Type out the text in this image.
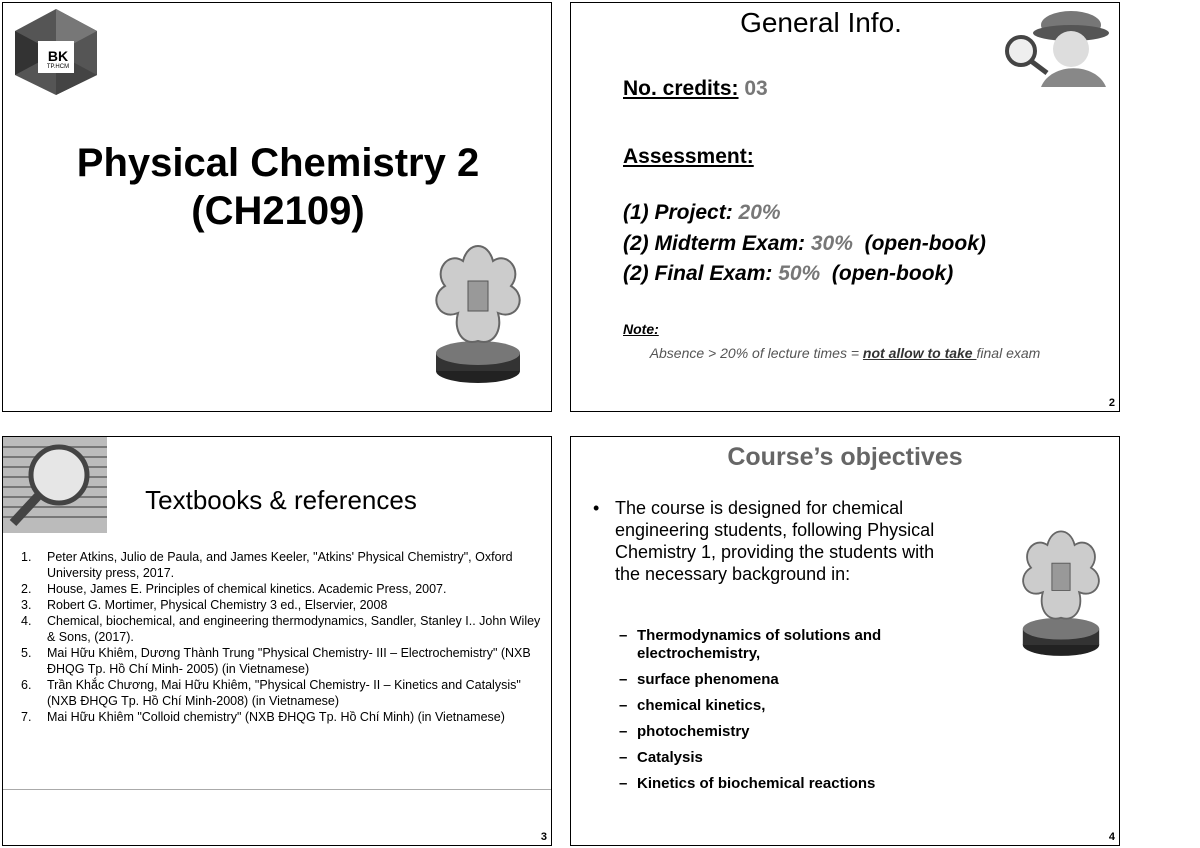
BK
TP.HCM
Physical Chemistry 2
(CH2109)
General Info.
No. credits: 03
Assessment:
(1) Project: 20%
(2) Midterm Exam: 30%  (open-book)
(2) Final Exam: 50%  (open-book)
Note:
Absence > 20% of lecture times = not allow to take final exam
2
Textbooks & references
1. Peter Atkins, Julio de Paula, and James Keeler, "Atkins' Physical Chemistry", Oxford University press, 2017.
2. House, James E. Principles of chemical kinetics. Academic Press, 2007.
3. Robert G. Mortimer, Physical Chemistry 3 ed., Elservier, 2008
4. Chemical, biochemical, and engineering thermodynamics, Sandler, Stanley I.. John Wiley & Sons, (2017).
5. Mai Hữu Khiêm, Dương Thành Trung "Physical Chemistry- III – Electrochemistry" (NXB ĐHQG Tp. Hồ Chí Minh- 2005) (in Vietnamese)
6. Trần Khắc Chương, Mai Hữu Khiêm, "Physical Chemistry- II – Kinetics and Catalysis" (NXB ĐHQG Tp. Hồ Chí Minh-2008) (in Vietnamese)
7. Mai Hữu Khiêm "Colloid chemistry" (NXB ĐHQG Tp. Hồ Chí Minh) (in Vietnamese)
3
Course’s objectives
• The course is designed for chemical engineering students, following Physical Chemistry 1, providing the students with the necessary background in:
– Thermodynamics of solutions and electrochemistry,
– surface phenomena
– chemical kinetics,
– photochemistry
– Catalysis
– Kinetics of biochemical reactions
4
